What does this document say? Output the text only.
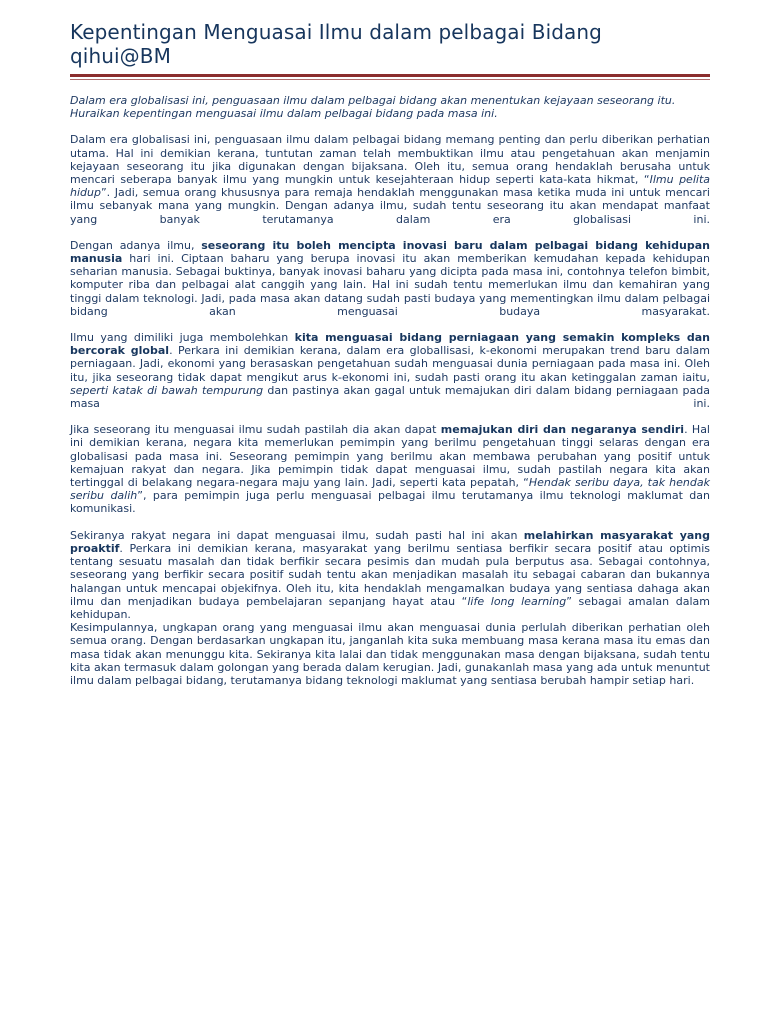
Kepentingan Menguasai Ilmu dalam pelbagai Bidang
qihui@BM

Dalam era globalisasi ini, penguasaan ilmu dalam pelbagai bidang akan menentukan kejayaan seseorang itu. Huraikan kepentingan menguasai ilmu dalam pelbagai bidang pada masa ini.

Dalam era globalisasi ini, penguasaan ilmu dalam pelbagai bidang memang penting dan perlu diberikan perhatian utama. Hal ini demikian kerana, tuntutan zaman telah membuktikan ilmu atau pengetahuan akan menjamin kejayaan seseorang itu jika digunakan dengan bijaksana. Oleh itu, semua orang hendaklah berusaha untuk mencari seberapa banyak ilmu yang mungkin untuk kesejahteraan hidup seperti kata-kata hikmat, “Ilmu pelita hidup”. Jadi, semua orang khususnya para remaja hendaklah menggunakan masa ketika muda ini untuk mencari ilmu sebanyak mana yang mungkin. Dengan adanya ilmu, sudah tentu seseorang itu akan mendapat manfaat yang banyak terutamanya dalam era globalisasi ini.

Dengan adanya ilmu, seseorang itu boleh mencipta inovasi baru dalam pelbagai bidang kehidupan manusia hari ini. Ciptaan baharu yang berupa inovasi itu akan memberikan kemudahan kepada kehidupan seharian manusia. Sebagai buktinya, banyak inovasi baharu yang dicipta pada masa ini, contohnya telefon bimbit, komputer riba dan pelbagai alat canggih yang lain. Hal ini sudah tentu memerlukan ilmu dan kemahiran yang tinggi dalam teknologi. Jadi, pada masa akan datang sudah pasti budaya yang mementingkan ilmu dalam pelbagai bidang akan menguasai budaya masyarakat.

Ilmu yang dimiliki juga membolehkan kita menguasai bidang perniagaan yang semakin kompleks dan bercorak global. Perkara ini demikian kerana, dalam era globallisasi, k-ekonomi merupakan trend baru dalam perniagaan. Jadi, ekonomi yang berasaskan pengetahuan sudah menguasai dunia perniagaan pada masa ini. Oleh itu, jika seseorang tidak dapat mengikut arus k-ekonomi ini, sudah pasti orang itu akan ketinggalan zaman iaitu, seperti katak di bawah tempurung dan pastinya akan gagal untuk memajukan diri dalam bidang perniagaan pada masa ini.

Jika seseorang itu menguasai ilmu sudah pastilah dia akan dapat memajukan diri dan negaranya sendiri. Hal ini demikian kerana, negara kita memerlukan pemimpin yang berilmu pengetahuan tinggi selaras dengan era globalisasi pada masa ini. Seseorang pemimpin yang berilmu akan membawa perubahan yang positif untuk kemajuan rakyat dan negara. Jika pemimpin tidak dapat menguasai ilmu, sudah pastilah negara kita akan tertinggal di belakang negara-negara maju yang lain. Jadi, seperti kata pepatah, “Hendak seribu daya, tak hendak seribu dalih”, para pemimpin juga perlu menguasai pelbagai ilmu terutamanya ilmu teknologi maklumat dan komunikasi.

Sekiranya rakyat negara ini dapat menguasai ilmu, sudah pasti hal ini akan melahirkan masyarakat yang proaktif. Perkara ini demikian kerana, masyarakat yang berilmu sentiasa berfikir secara positif atau optimis tentang sesuatu masalah dan tidak berfikir secara pesimis dan mudah pula berputus asa. Sebagai contohnya, seseorang yang berfikir secara positif sudah tentu akan menjadikan masalah itu sebagai cabaran dan bukannya halangan untuk mencapai objekifnya. Oleh itu, kita hendaklah mengamalkan budaya yang sentiasa dahaga akan ilmu dan menjadikan budaya pembelajaran sepanjang hayat atau “life long learning” sebagai amalan dalam kehidupan.

Kesimpulannya, ungkapan orang yang menguasai ilmu akan menguasai dunia perlulah diberikan perhatian oleh semua orang. Dengan berdasarkan ungkapan itu, janganlah kita suka membuang masa kerana masa itu emas dan masa tidak akan menunggu kita. Sekiranya kita lalai dan tidak menggunakan masa dengan bijaksana, sudah tentu kita akan termasuk dalam golongan yang berada dalam kerugian. Jadi, gunakanlah masa yang ada untuk menuntut ilmu dalam pelbagai bidang, terutamanya bidang teknologi maklumat yang sentiasa berubah hampir setiap hari.
